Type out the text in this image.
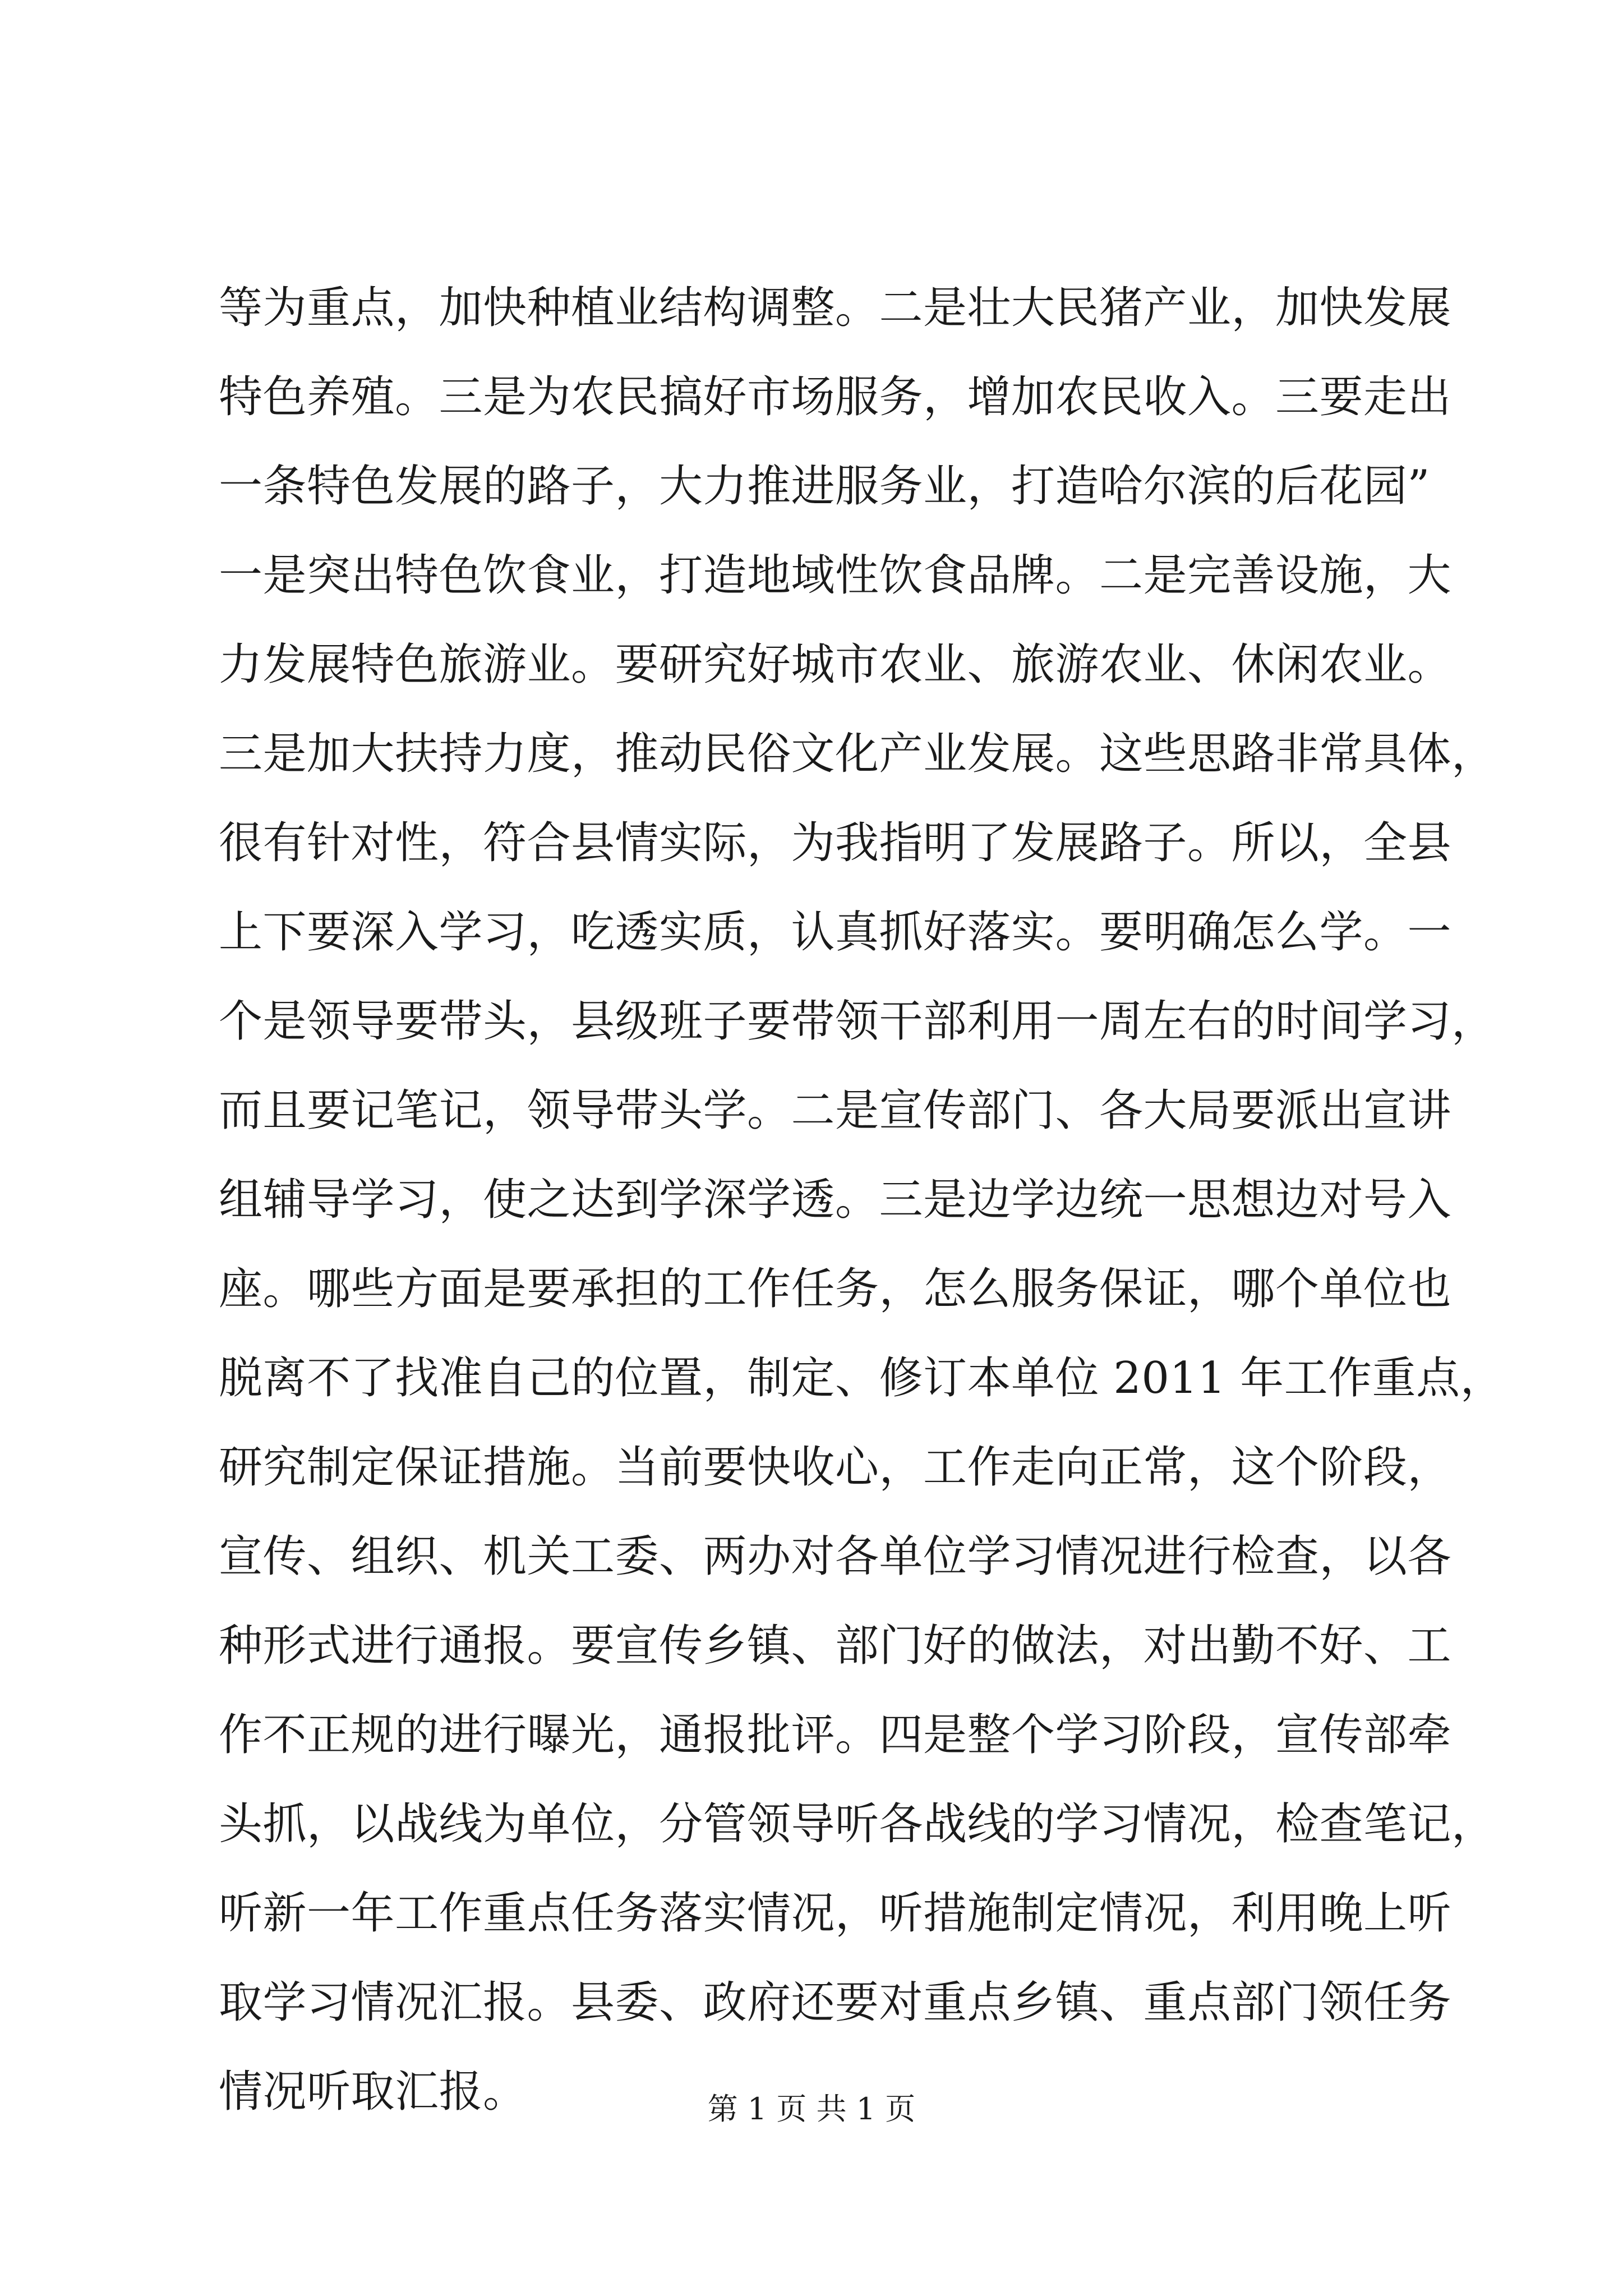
等为重点，加快种植业结构调整。二是壮大民猪产业，加快发展
特色养殖。三是为农民搞好市场服务，增加农民收入。三要走出
一条特色发展的路子，大力推进服务业，打造哈尔滨的后花园”
一是突出特色饮食业，打造地域性饮食品牌。二是完善设施，大
力发展特色旅游业。要研究好城市农业、旅游农业、休闲农业。
三是加大扶持力度，推动民俗文化产业发展。这些思路非常具体，
很有针对性，符合县情实际，为我指明了发展路子。所以，全县
上下要深入学习，吃透实质，认真抓好落实。要明确怎么学。一
个是领导要带头，县级班子要带领干部利用一周左右的时间学习，
而且要记笔记，领导带头学。二是宣传部门、各大局要派出宣讲
组辅导学习，使之达到学深学透。三是边学边统一思想边对号入
座。哪些方面是要承担的工作任务，怎么服务保证，哪个单位也
脱离不了找准自己的位置，制定、修订本单位 2011 年工作重点，
研究制定保证措施。当前要快收心，工作走向正常，这个阶段，
宣传、组织、机关工委、两办对各单位学习情况进行检查，以各
种形式进行通报。要宣传乡镇、部门好的做法，对出勤不好、工
作不正规的进行曝光，通报批评。四是整个学习阶段，宣传部牵
头抓，以战线为单位，分管领导听各战线的学习情况，检查笔记，
听新一年工作重点任务落实情况，听措施制定情况，利用晚上听
取学习情况汇报。县委、政府还要对重点乡镇、重点部门领任务
情况听取汇报。	第 1 页 共 1 页
